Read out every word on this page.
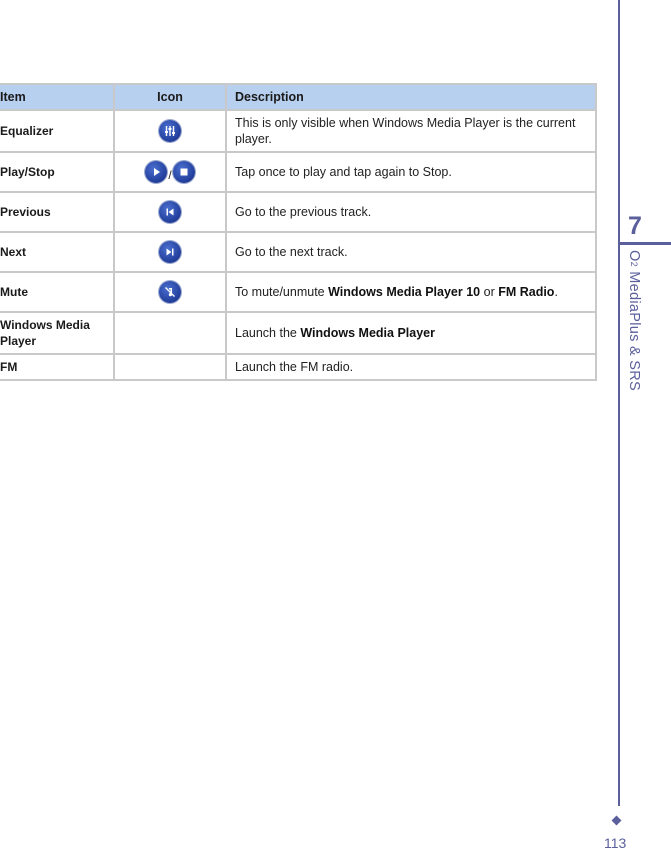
Item	Icon	Description
Equalizer		This is only visible when Windows Media Player is the current player.
Play/Stop	/	Tap once to play and tap again to Stop.
Previous		Go to the previous track.
Next		Go to the next track.
Mute		To mute/unmute Windows Media Player 10 or FM Radio.
Windows Media Player		Launch the Windows Media Player
FM		Launch the FM radio.
7
O2 MediaPlus & SRS
113
